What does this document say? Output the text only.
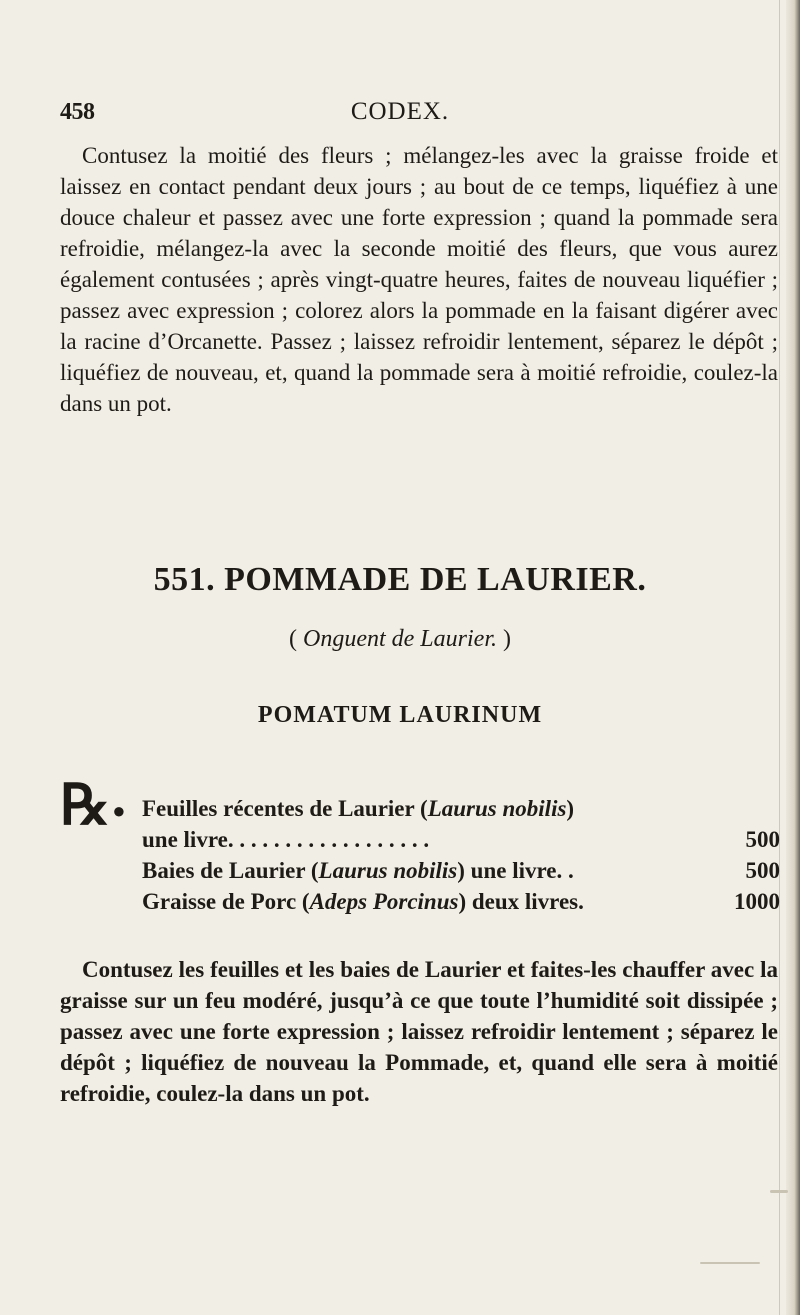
458	CODEX.

Contusez la moitié des fleurs ; mélangez-les avec la graisse froide et laissez en contact pendant deux jours ; au bout de ce temps, liquéfiez à une douce chaleur et passez avec une forte expression ; quand la pommade sera refroidie, mélangez-la avec la seconde moitié des fleurs, que vous aurez également contusées ; après vingt-quatre heures, faites de nouveau liquéfier ; passez avec expression ; colorez alors la pommade en la faisant digérer avec la racine d’Orcanette. Passez ; laissez refroidir lentement, séparez le dépôt ; liquéfiez de nouveau, et, quand la pommade sera à moitié refroidie, coulez-la dans un pot.

551. POMMADE DE LAURIER.

( Onguent de Laurier. )

POMATUM LAURINUM

℞● Feuilles récentes de Laurier (Laurus nobilis)
une livre. . . . . . . . . . . . . . . . . .	500
Baies de Laurier (Laurus nobilis) une livre. .	500
Graisse de Porc (Adeps Porcinus) deux livres.	1000

Contusez les feuilles et les baies de Laurier et faites-les chauffer avec la graisse sur un feu modéré, jusqu’à ce que toute l’humidité soit dissipée ; passez avec une forte expression ; laissez refroidir lentement ; séparez le dépôt ; liquéfiez de nouveau la Pommade, et, quand elle sera à moitié refroidie, coulez-la dans un pot.
